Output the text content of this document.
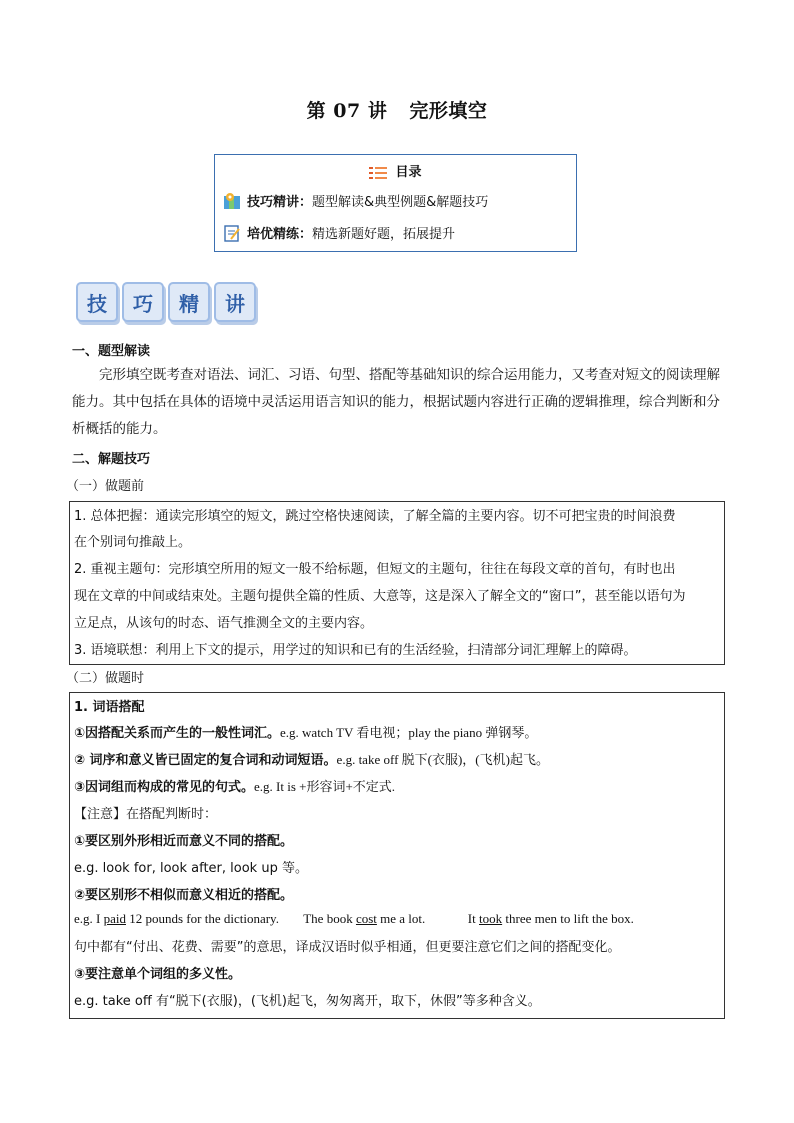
第 07 讲 完形填空
目录
技巧精讲： 题型解读&典型例题&解题技巧
培优精练： 精选新题好题，拓展提升
技	巧	精	讲
一、题型解读
完形填空既考查对语法、词汇、习语、句型、搭配等基础知识的综合运用能力，又考查对短文的阅读理解能力。其中包括在具体的语境中灵活运用语言知识的能力，根据试题内容进行正确的逻辑推理，综合判断和分析概括的能力。
二、解题技巧
（一）做题前
1. 总体把握：通读完形填空的短文，跳过空格快速阅读，了解全篇的主要内容。切不可把宝贵的时间浪费
在个别词句推敲上。
2. 重视主题句：完形填空所用的短文一般不给标题，但短文的主题句，往往在每段文章的首句，有时也出
现在文章的中间或结束处。主题句提供全篇的性质、大意等，这是深入了解全文的“窗口”，甚至能以语句为
立足点，从该句的时态、语气推测全文的主要内容。
3. 语境联想：利用上下文的提示，用学过的知识和已有的生活经验，扫清部分词汇理解上的障碍。
（二）做题时
1. 词语搭配
①因搭配关系而产生的一般性词汇。e.g. watch TV 看电视；play the piano 弹钢琴。
② 词序和意义皆已固定的复合词和动词短语。e.g. take off 脱下(衣服)，(飞机)起飞。
③因词组而构成的常见的句式。e.g. It is +形容词+不定式.
【注意】在搭配判断时：
①要区别外形相近而意义不同的搭配。
e.g. look for, look after, look up 等。
②要区别形不相似而意义相近的搭配。
e.g. I paid 12 pounds for the dictionary. The book cost me a lot.	It took three men to lift the box.
句中都有“付出、花费、需要”的意思，译成汉语时似乎相通，但更要注意它们之间的搭配变化。
③要注意单个词组的多义性。
e.g. take off 有“脱下(衣服)，(飞机)起飞，匆匆离开，取下，休假”等多种含义。
